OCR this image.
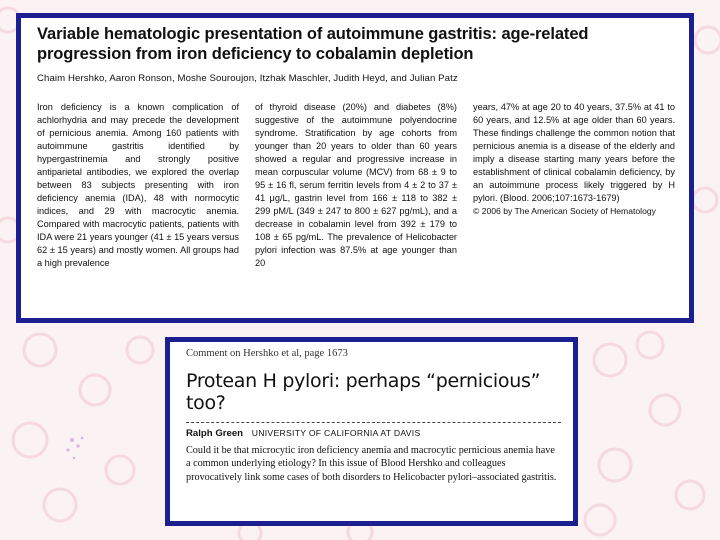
Variable hematologic presentation of autoimmune gastritis: age-related
progression from iron deficiency to cobalamin depletion
Chaim Hershko, Aaron Ronson, Moshe Souroujon, Itzhak Maschler, Judith Heyd, and Julian Patz

Iron deficiency is a known complication of achlorhydria and may precede the development of pernicious anemia. Among 160 patients with autoimmune gastritis identified by hypergastrinemia and strongly positive antiparietal antibodies, we explored the overlap between 83 subjects presenting with iron deficiency anemia (IDA), 48 with normocytic indices, and 29 with macrocytic anemia. Compared with macrocytic patients, patients with IDA were 21 years younger (41 ± 15 years versus 62 ± 15 years) and mostly women. All groups had a high prevalence

of thyroid disease (20%) and diabetes (8%) suggestive of the autoimmune polyendocrine syndrome. Stratification by age cohorts from younger than 20 years to older than 60 years showed a regular and progressive increase in mean corpuscular volume (MCV) from 68 ± 9 to 95 ± 16 fl, serum ferritin levels from 4 ± 2 to 37 ± 41 μg/L, gastrin level from 166 ± 118 to 382 ± 299 pM/L (349 ± 247 to 800 ± 627 pg/mL), and a decrease in cobalamin level from 392 ± 179 to 108 ± 65 pg/mL. The prevalence of Helicobacter pylori infection was 87.5% at age younger than 20

years, 47% at age 20 to 40 years, 37.5% at 41 to 60 years, and 12.5% at age older than 60 years. These findings challenge the common notion that pernicious anemia is a disease of the elderly and imply a disease starting many years before the establishment of clinical cobalamin deficiency, by an autoimmune process likely triggered by H pylori. (Blood. 2006;107:1673-1679)

© 2006 by The American Society of Hematology

Comment on Hershko et al, page 1673
Protean H pylori: perhaps “pernicious” too?
Ralph Green UNIVERSITY OF CALIFORNIA AT DAVIS

Could it be that microcytic iron deficiency anemia and macrocytic pernicious anemia have a common underlying etiology? In this issue of Blood Hershko and colleagues provocatively link some cases of both disorders to Helicobacter pylori–associated gastritis.
